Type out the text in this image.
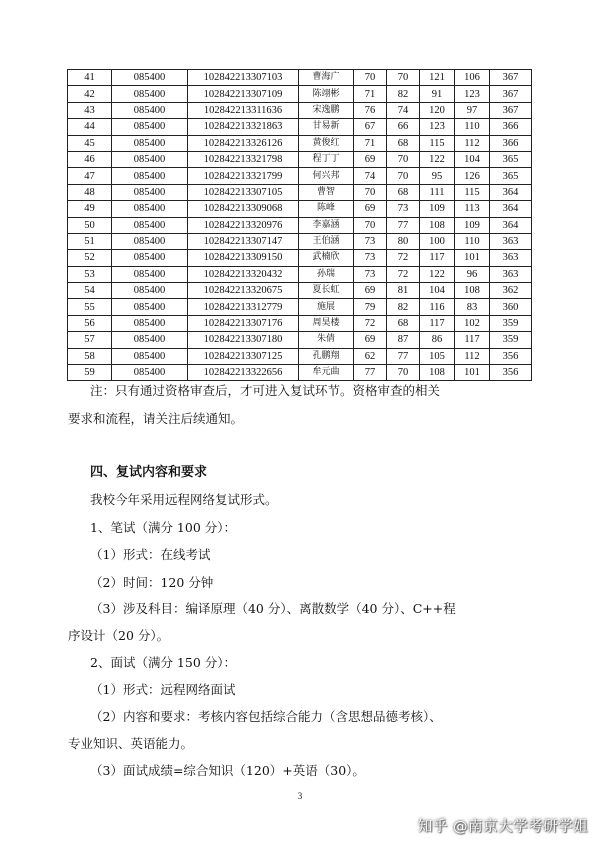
41	085400	102842213307103	曹海广	70	70	121	106	367
42	085400	102842213307109	陈翊彬	71	82	91	123	367
43	085400	102842213311636	宋逸鹏	76	74	120	97	367
44	085400	102842213321863	甘易新	67	66	123	110	366
45	085400	102842213326126	黄俊红	71	68	115	112	366
46	085400	102842213321798	程丁丁	69	70	122	104	365
47	085400	102842213321799	何兴邦	74	70	95	126	365
48	085400	102842213307105	曹智	70	68	111	115	364
49	085400	102842213309068	陈峰	69	73	109	113	364
50	085400	102842213320976	李嘉涵	70	77	108	109	364
51	085400	102842213307147	王伯涵	73	80	100	110	363
52	085400	102842213309150	武楠欣	73	72	117	101	363
53	085400	102842213320432	孙瑞	73	72	122	96	363
54	085400	102842213320675	夏长虹	69	81	104	108	362
55	085400	102842213312779	施展	79	82	116	83	360
56	085400	102842213307176	周昊楼	72	68	117	102	359
57	085400	102842213307180	朱倩	69	87	86	117	359
58	085400	102842213307125	孔鹏翔	62	77	105	112	356
59	085400	102842213322656	牟元曲	77	70	108	101	356

注：只有通过资格审查后，才可进入复试环节。资格审查的相关

要求和流程，请关注后续通知。

四、复试内容和要求

我校今年采用远程网络复试形式。

1、笔试（满分 100 分）：

（1）形式：在线考试

（2）时间：120 分钟

（3）涉及科目：编译原理（40 分）、离散数学（40 分）、C++程

序设计（20 分）。

2、面试（满分 150 分）：

（1）形式：远程网络面试

（2）内容和要求：考核内容包括综合能力（含思想品德考核）、

专业知识、英语能力。

（3）面试成绩=综合知识（120）+英语（30）。

3
知乎 @南京大学考研学姐
